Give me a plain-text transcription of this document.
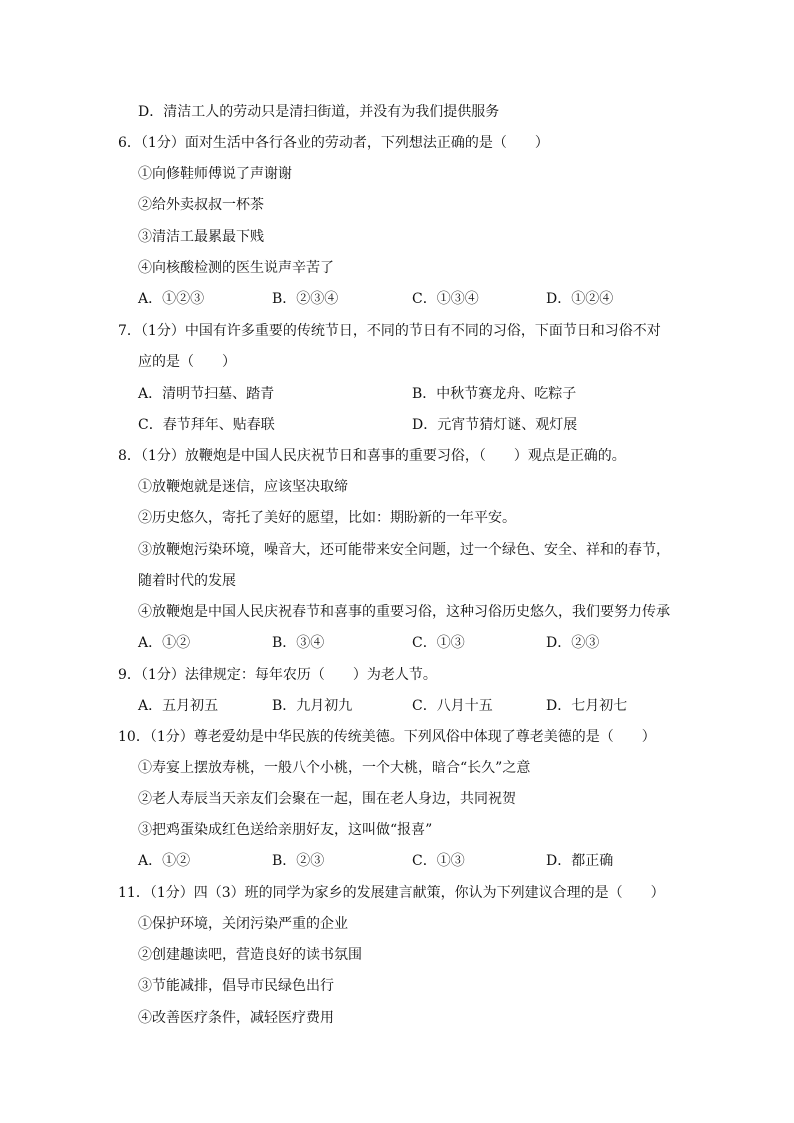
D．清洁工人的劳动只是清扫街道，并没有为我们提供服务
6．（1分）面对生活中各行各业的劳动者，下列想法正确的是（　　）
①向修鞋师傅说了声谢谢
②给外卖叔叔一杯茶
③清洁工最累最下贱
④向核酸检测的医生说声辛苦了
A．①②③	B．②③④	C．①③④	D．①②④
7．（1分）中国有许多重要的传统节日，不同的节日有不同的习俗，下面节日和习俗不对
应的是（　　）
A．清明节扫墓、踏青	B．中秋节赛龙舟、吃粽子
C．春节拜年、贴春联	D．元宵节猜灯谜、观灯展
8．（1分）放鞭炮是中国人民庆祝节日和喜事的重要习俗，（　　）观点是正确的。
①放鞭炮就是迷信，应该坚决取缔
②历史悠久，寄托了美好的愿望，比如：期盼新的一年平安。
③放鞭炮污染环境，噪音大，还可能带来安全问题，过一个绿色、安全、祥和的春节，
随着时代的发展
④放鞭炮是中国人民庆祝春节和喜事的重要习俗，这种习俗历史悠久，我们要努力传承
A．①②	B．③④	C．①③	D．②③
9．（1分）法律规定：每年农历（　　）为老人节。
A．五月初五	B．九月初九	C．八月十五	D．七月初七
10．（1分）尊老爱幼是中华民族的传统美德。下列风俗中体现了尊老美德的是（　　）
①寿宴上摆放寿桃，一般八个小桃，一个大桃，暗合“长久”之意
②老人寿辰当天亲友们会聚在一起，围在老人身边，共同祝贺
③把鸡蛋染成红色送给亲朋好友，这叫做“报喜”
A．①②	B．②③	C．①③	D．都正确
11．（1分）四（3）班的同学为家乡的发展建言献策，你认为下列建议合理的是（　　）
①保护环境，关闭污染严重的企业
②创建趣读吧，营造良好的读书氛围
③节能减排，倡导市民绿色出行
④改善医疗条件，减轻医疗费用
